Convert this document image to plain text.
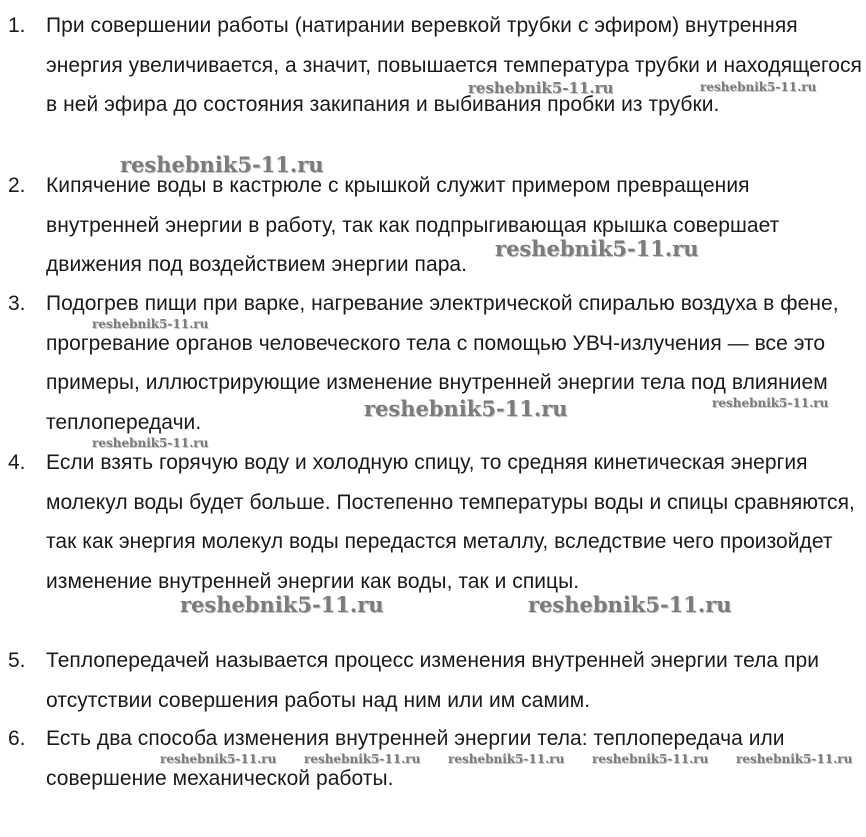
1. При совершении работы (натирании веревкой трубки с эфиром) внутренняя энергия увеличивается, а значит, повышается температура трубки и находящегося в ней эфира до состояния закипания и выбивания пробки из трубки.
2. Кипячение воды в кастрюле с крышкой служит примером превращения внутренней энергии в работу, так как подпрыгивающая крышка совершает движения под воздействием энергии пара.
3. Подогрев пищи при варке, нагревание электрической спиралью воздуха в фене, прогревание органов человеческого тела с помощью УВЧ-излучения — все это примеры, иллюстрирующие изменение внутренней энергии тела под влиянием теплопередачи.
4. Если взять горячую воду и холодную спицу, то средняя кинетическая энергия молекул воды будет больше. Постепенно температуры воды и спицы сравняются, так как энергия молекул воды передастся металлу, вследствие чего произойдет изменение внутренней энергии как воды, так и спицы.
5. Теплопередачей называется процесс изменения внутренней энергии тела при отсутствии совершения работы над ним или им самим.
6. Есть два способа изменения внутренней энергии тела: теплопередача или совершение механической работы.
reshebnik5-11.ru	reshebnik5-11.ru
reshebnik5-11.ru
reshebnik5-11.ru
reshebnik5-11.ru
reshebnik5-11.ru	reshebnik5-11.ru
reshebnik5-11.ru
reshebnik5-11.ru	reshebnik5-11.ru
reshebnik5-11.ru reshebnik5-11.ru reshebnik5-11.ru reshebnik5-11.ru reshebnik5-11.ru
